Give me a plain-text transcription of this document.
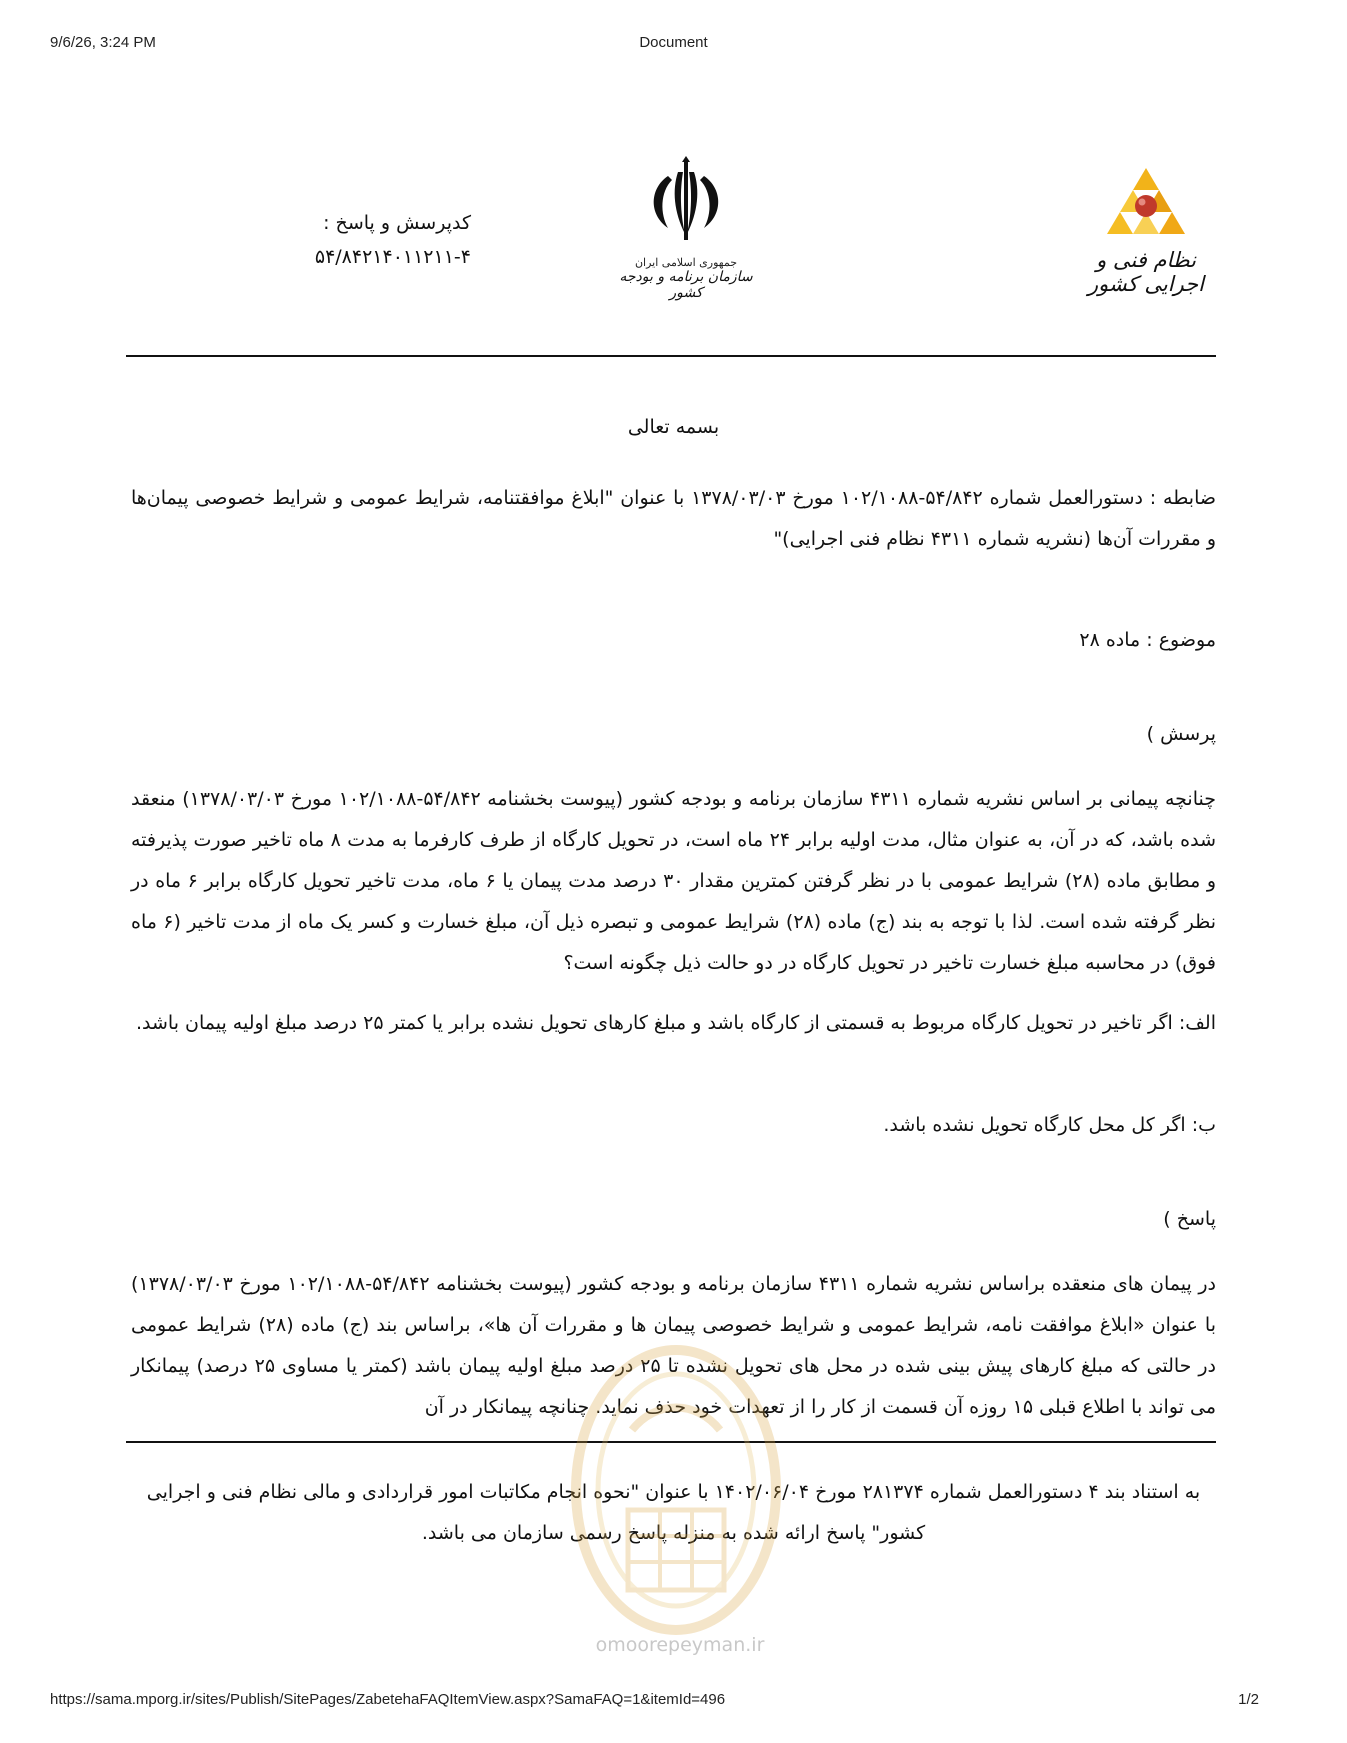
9/6/26, 3:24 PM	Document
کدپرسش و پاسخ :
۵۴/۸۴۲۱۴۰۱۱۲۱۱-۴	جمهوری اسلامی ایران
سازمان برنامه و بودجه کشور
نظام فنی و اجرایی کشور
بسمه تعالی
ضابطه : دستورالعمل شماره ۵۴/۸۴۲-۱۰۲/۱۰۸۸ مورخ ۱۳۷۸/۰۳/۰۳ با عنوان "ابلاغ موافقتنامه، شرایط عمومی و شرایط خصوصی پیمان‌ها و مقررات آن‌ها (نشریه شماره ۴۳۱۱ نظام فنی اجرایی)"
موضوع : ماده ۲۸
پرسش )
چنانچه پیمانی بر اساس نشریه شماره ۴۳۱۱ سازمان برنامه و بودجه کشور (پیوست بخشنامه ۵۴/۸۴۲-۱۰۲/۱۰۸۸ مورخ ۱۳۷۸/۰۳/۰۳) منعقد شده باشد، که در آن، به عنوان مثال، مدت اولیه برابر ۲۴ ماه است، در تحویل کارگاه از طرف کارفرما به مدت ۸ ماه تاخیر صورت پذیرفته و مطابق ماده (۲۸) شرایط عمومی با در نظر گرفتن کمترین مقدار ۳۰ درصد مدت پیمان یا ۶ ماه، مدت تاخیر تحویل کارگاه برابر ۶ ماه در نظر گرفته شده است. لذا با توجه به بند (ج) ماده (۲۸) شرایط عمومی و تبصره ذیل آن، مبلغ خسارت و کسر یک ماه از مدت تاخیر (۶ ماه فوق) در محاسبه مبلغ خسارت تاخیر در تحویل کارگاه در دو حالت ذیل چگونه است؟
الف: اگر تاخیر در تحویل کارگاه مربوط به قسمتی از کارگاه باشد و مبلغ کارهای تحویل نشده برابر یا کمتر ۲۵ درصد مبلغ اولیه پیمان باشد.
ب: اگر کل محل کارگاه تحویل نشده باشد.
پاسخ )
در پیمان های منعقده براساس نشریه شماره ۴۳۱۱ سازمان برنامه و بودجه کشور (پیوست بخشنامه ۵۴/۸۴۲-۱۰۲/۱۰۸۸ مورخ ۱۳۷۸/۰۳/۰۳) با عنوان «ابلاغ موافقت نامه، شرایط عمومی و شرایط خصوصی پیمان ها و مقررات آن ها»، براساس بند (ج) ماده (۲۸) شرایط عمومی در حالتی که مبلغ کارهای پیش بینی شده در محل های تحویل نشده تا ۲۵ درصد مبلغ اولیه پیمان باشد (کمتر یا مساوی ۲۵ درصد) پیمانکار می تواند با اطلاع قبلی ۱۵ روزه آن قسمت از کار را از تعهدات خود حذف نماید. چنانچه پیمانکار در آن
به استناد بند ۴ دستورالعمل شماره ۲۸۱۳۷۴ مورخ ۱۴۰۲/۰۶/۰۴ با عنوان "نحوه انجام مکاتبات امور قراردادی و مالی نظام فنی و اجرایی کشور" پاسخ ارائه شده به منزله پاسخ رسمی سازمان می باشد.
omoorepeyman.ir
https://sama.mporg.ir/sites/Publish/SitePages/ZabetehaFAQItemView.aspx?SamaFAQ=1&itemId=496	1/2
